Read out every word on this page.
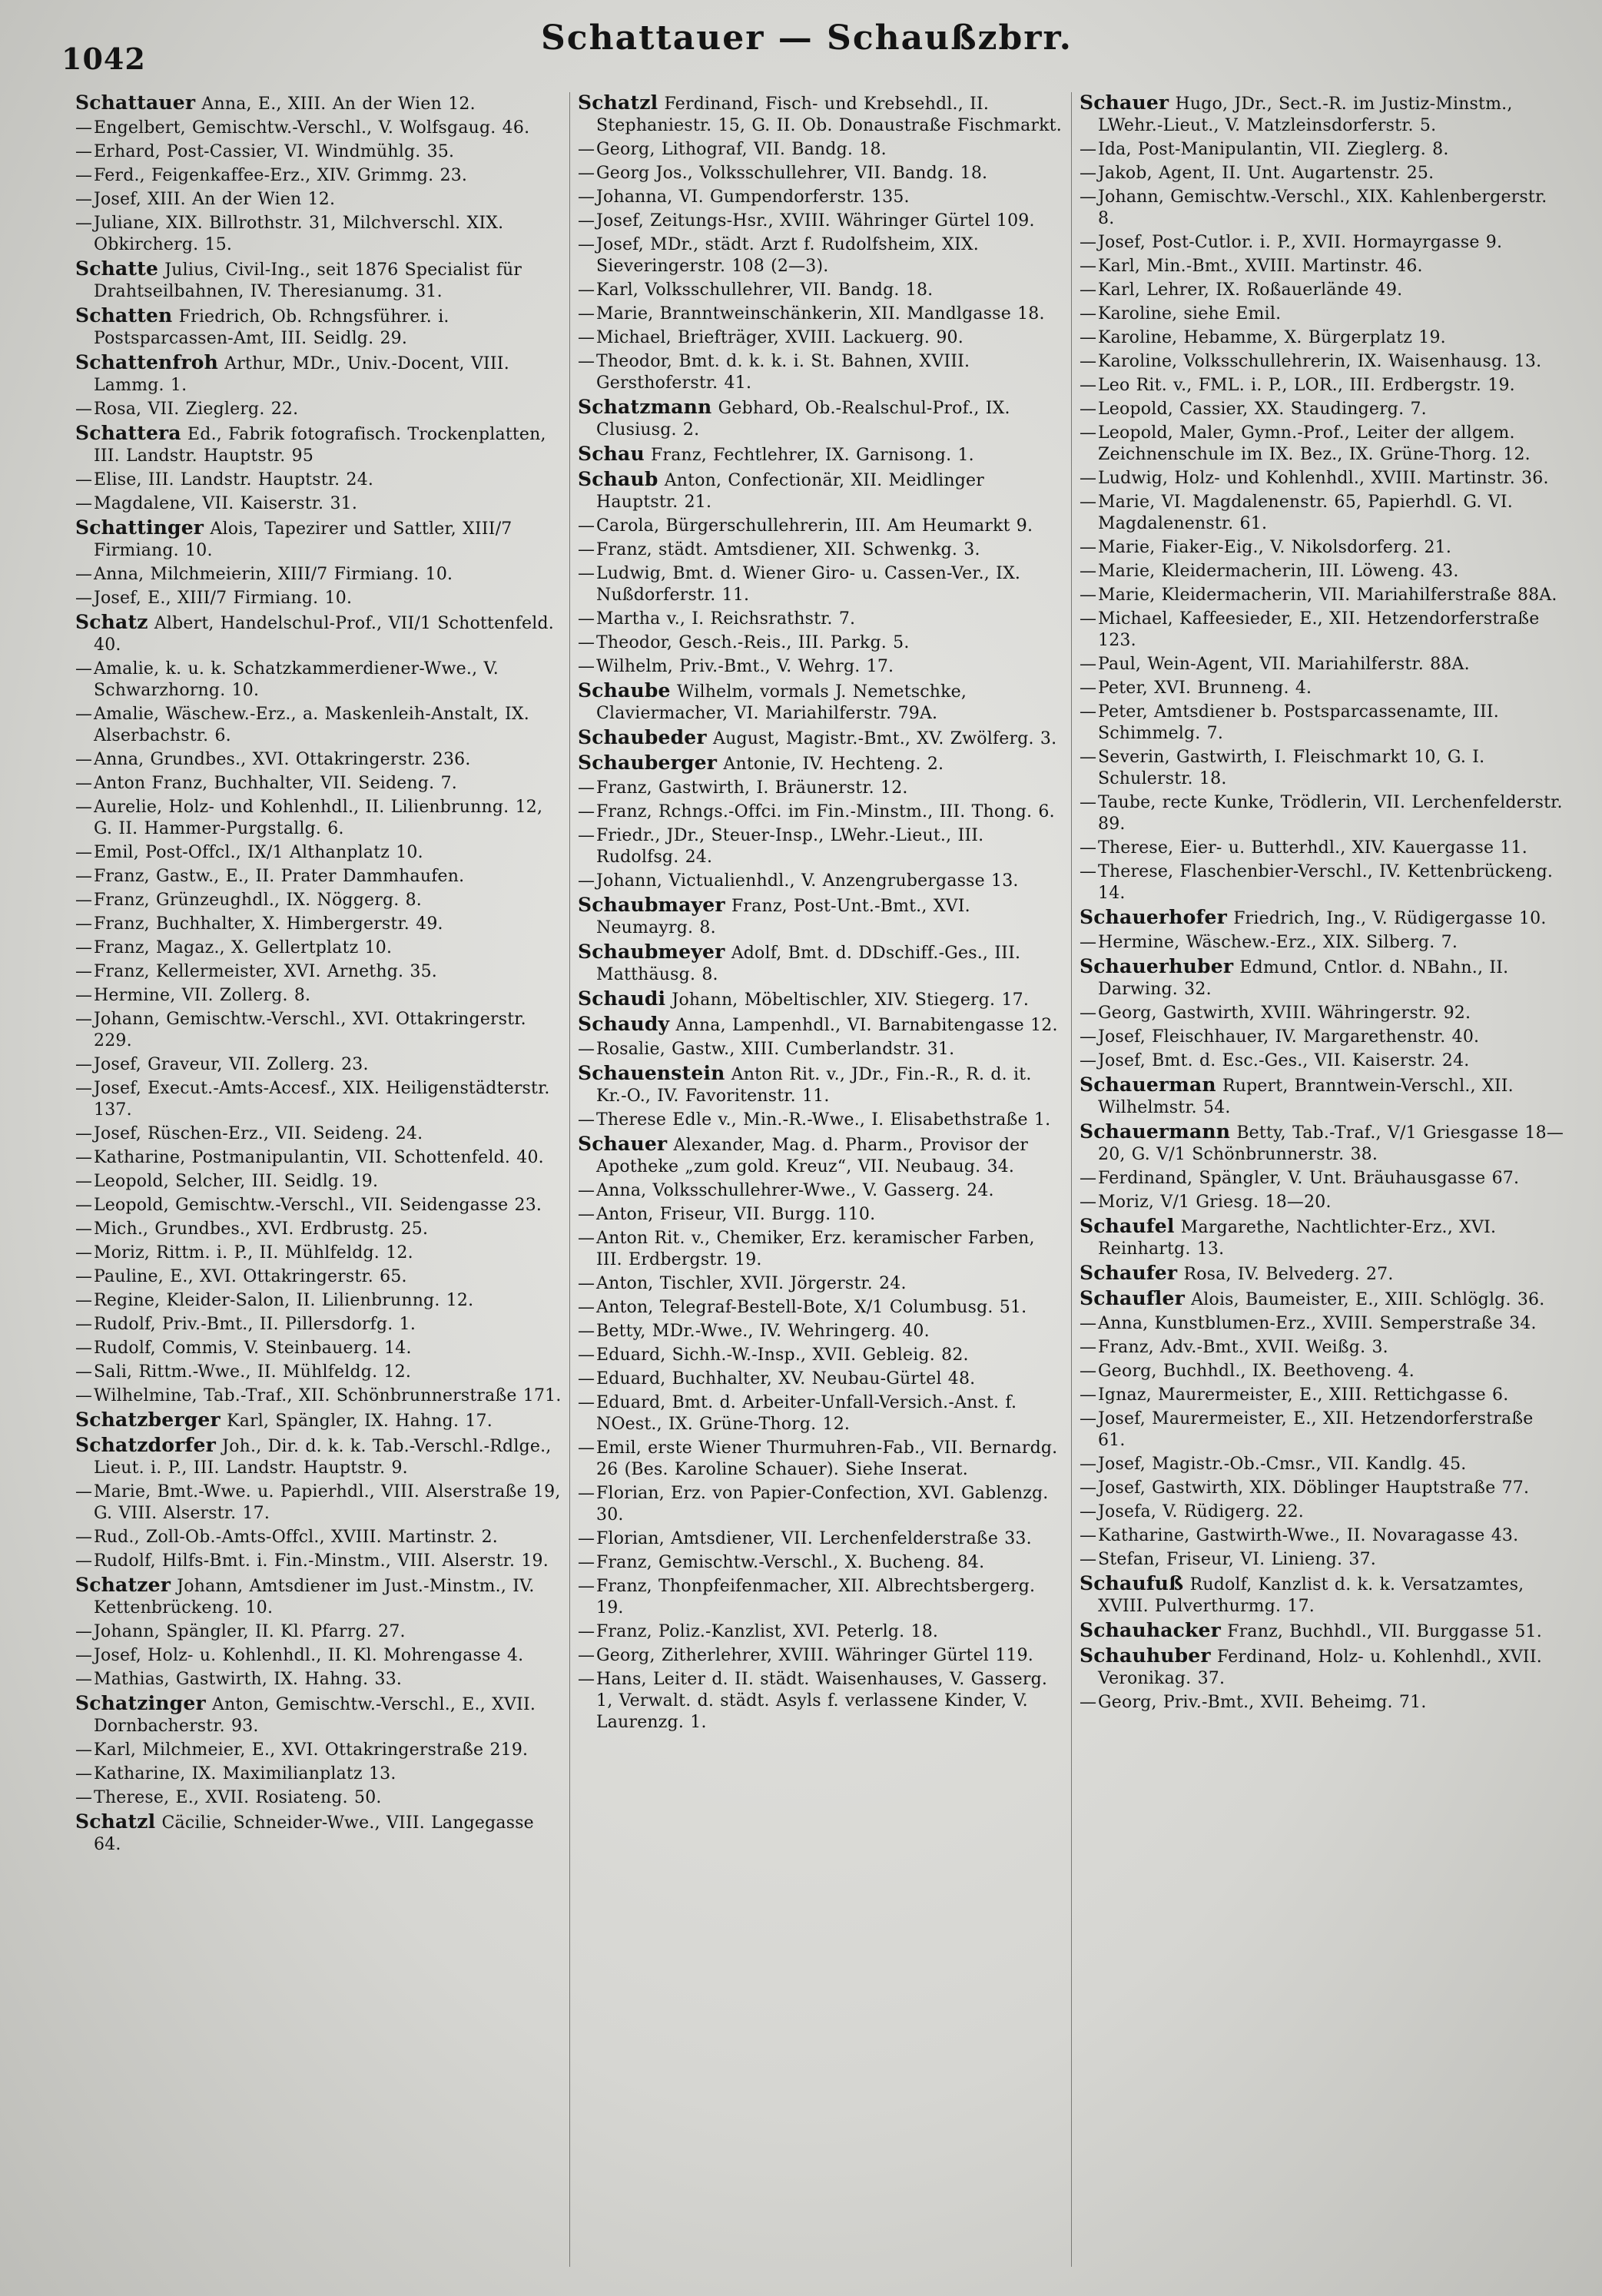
1042
Schattauer — Schaußzbrr.
Schattauer Anna, E., XIII. An der Wien 12.
—Engelbert, Gemischtw.-Verschl., V. Wolfsgaug. 46.
—Erhard, Post-Cassier, VI. Windmühlg. 35.
—Ferd., Feigenkaffee-Erz., XIV. Grimmg. 23.
—Josef, XIII. An der Wien 12.
—Juliane, XIX. Billrothstr. 31, Milchverschl. XIX. Obkircherg. 15.
Schatte Julius, Civil-Ing., seit 1876 Specialist für Drahtseilbahnen, IV. Theresianumg. 31.
Schatten Friedrich, Ob. Rchngsführer. i. Postsparcassen-Amt, III. Seidlg. 29.
Schattenfroh Arthur, MDr., Univ.-Docent, VIII. Lammg. 1.
—Rosa, VII. Zieglerg. 22.
Schattera Ed., Fabrik fotografisch. Trockenplatten, III. Landstr. Hauptstr. 95
—Elise, III. Landstr. Hauptstr. 24.
—Magdalene, VII. Kaiserstr. 31.
Schattinger Alois, Tapezirer und Sattler, XIII/7 Firmiang. 10.
—Anna, Milchmeierin, XIII/7 Firmiang. 10.
—Josef, E., XIII/7 Firmiang. 10.
Schatz Albert, Handelschul-Prof., VII/1 Schottenfeld. 40.
—Amalie, k. u. k. Schatzkammerdiener-Wwe., V. Schwarzhorng. 10.
—Amalie, Wäschew.-Erz., a. Maskenleih-Anstalt, IX. Alserbachstr. 6.
—Anna, Grundbes., XVI. Ottakringerstr. 236.
—Anton Franz, Buchhalter, VII. Seideng. 7.
—Aurelie, Holz- und Kohlenhdl., II. Lilienbrunng. 12, G. II. Hammer-Purgstallg. 6.
—Emil, Post-Offcl., IX/1 Althanplatz 10.
—Franz, Gastw., E., II. Prater Dammhaufen.
—Franz, Grünzeughdl., IX. Nöggerg. 8.
—Franz, Buchhalter, X. Himbergerstr. 49.
—Franz, Magaz., X. Gellertplatz 10.
—Franz, Kellermeister, XVI. Arnethg. 35.
—Hermine, VII. Zollerg. 8.
—Johann, Gemischtw.-Verschl., XVI. Ottakringerstr. 229.
—Josef, Graveur, VII. Zollerg. 23.
—Josef, Execut.-Amts-Accesf., XIX. Heiligenstädterstr. 137.
—Josef, Rüschen-Erz., VII. Seideng. 24.
—Katharine, Postmanipulantin, VII. Schottenfeld. 40.
—Leopold, Selcher, III. Seidlg. 19.
—Leopold, Gemischtw.-Verschl., VII. Seidengasse 23.
—Mich., Grundbes., XVI. Erdbrustg. 25.
—Moriz, Rittm. i. P., II. Mühlfeldg. 12.
—Pauline, E., XVI. Ottakringerstr. 65.
—Regine, Kleider-Salon, II. Lilienbrunng. 12.
—Rudolf, Priv.-Bmt., II. Pillersdorfg. 1.
—Rudolf, Commis, V. Steinbauerg. 14.
—Sali, Rittm.-Wwe., II. Mühlfeldg. 12.
—Wilhelmine, Tab.-Traf., XII. Schönbrunnerstraße 171.
Schatzberger Karl, Spängler, IX. Hahng. 17.
Schatzdorfer Joh., Dir. d. k. k. Tab.-Verschl.-Rdlge., Lieut. i. P., III. Landstr. Hauptstr. 9.
—Marie, Bmt.-Wwe. u. Papierhdl., VIII. Alserstraße 19, G. VIII. Alserstr. 17.
—Rud., Zoll-Ob.-Amts-Offcl., XVIII. Martinstr. 2.
—Rudolf, Hilfs-Bmt. i. Fin.-Minstm., VIII. Alserstr. 19.
Schatzer Johann, Amtsdiener im Just.-Minstm., IV. Kettenbrückeng. 10.
—Johann, Spängler, II. Kl. Pfarrg. 27.
—Josef, Holz- u. Kohlenhdl., II. Kl. Mohrengasse 4.
—Mathias, Gastwirth, IX. Hahng. 33.
Schatzinger Anton, Gemischtw.-Verschl., E., XVII. Dornbacherstr. 93.
—Karl, Milchmeier, E., XVI. Ottakringerstraße 219.
—Katharine, IX. Maximilianplatz 13.
—Therese, E., XVII. Rosiateng. 50.
Schatzl Cäcilie, Schneider-Wwe., VIII. Langegasse 64.
Schatzl Ferdinand, Fisch- und Krebsehdl., II. Stephaniestr. 15, G. II. Ob. Donaustraße Fischmarkt.
—Georg, Lithograf, VII. Bandg. 18.
—Georg Jos., Volksschullehrer, VII. Bandg. 18.
—Johanna, VI. Gumpendorferstr. 135.
—Josef, Zeitungs-Hsr., XVIII. Währinger Gürtel 109.
—Josef, MDr., städt. Arzt f. Rudolfsheim, XIX. Sieveringerstr. 108 (2—3).
—Karl, Volksschullehrer, VII. Bandg. 18.
—Marie, Branntweinschänkerin, XII. Mandlgasse 18.
—Michael, Briefträger, XVIII. Lackuerg. 90.
—Theodor, Bmt. d. k. k. i. St. Bahnen, XVIII. Gersthoferstr. 41.
Schatzmann Gebhard, Ob.-Realschul-Prof., IX. Clusiusg. 2.
Schau Franz, Fechtlehrer, IX. Garnisong. 1.
Schaub Anton, Confectionär, XII. Meidlinger Hauptstr. 21.
—Carola, Bürgerschullehrerin, III. Am Heumarkt 9.
—Franz, städt. Amtsdiener, XII. Schwenkg. 3.
—Ludwig, Bmt. d. Wiener Giro- u. Cassen-Ver., IX. Nußdorferstr. 11.
—Martha v., I. Reichsrathstr. 7.
—Theodor, Gesch.-Reis., III. Parkg. 5.
—Wilhelm, Priv.-Bmt., V. Wehrg. 17.
Schaube Wilhelm, vormals J. Nemetschke, Claviermacher, VI. Mariahilferstr. 79A.
Schaubeder August, Magistr.-Bmt., XV. Zwölferg. 3.
Schauberger Antonie, IV. Hechteng. 2.
—Franz, Gastwirth, I. Bräunerstr. 12.
—Franz, Rchngs.-Offci. im Fin.-Minstm., III. Thong. 6.
—Friedr., JDr., Steuer-Insp., LWehr.-Lieut., III. Rudolfsg. 24.
—Johann, Victualienhdl., V. Anzengrubergasse 13.
Schaubmayer Franz, Post-Unt.-Bmt., XVI. Neumayrg. 8.
Schaubmeyer Adolf, Bmt. d. DDschiff.-Ges., III. Matthäusg. 8.
Schaudi Johann, Möbeltischler, XIV. Stiegerg. 17.
Schaudy Anna, Lampenhdl., VI. Barnabitengasse 12.
—Rosalie, Gastw., XIII. Cumberlandstr. 31.
Schauenstein Anton Rit. v., JDr., Fin.-R., R. d. it. Kr.-O., IV. Favoritenstr. 11.
—Therese Edle v., Min.-R.-Wwe., I. Elisabethstraße 1.
Schauer Alexander, Mag. d. Pharm., Provisor der Apotheke „zum gold. Kreuz“, VII. Neubaug. 34.
—Anna, Volksschullehrer-Wwe., V. Gasserg. 24.
—Anton, Friseur, VII. Burgg. 110.
—Anton Rit. v., Chemiker, Erz. keramischer Farben, III. Erdbergstr. 19.
—Anton, Tischler, XVII. Jörgerstr. 24.
—Anton, Telegraf-Bestell-Bote, X/1 Columbusg. 51.
—Betty, MDr.-Wwe., IV. Wehringerg. 40.
—Eduard, Sichh.-W.-Insp., XVII. Gebleig. 82.
—Eduard, Buchhalter, XV. Neubau-Gürtel 48.
—Eduard, Bmt. d. Arbeiter-Unfall-Versich.-Anst. f. NOest., IX. Grüne-Thorg. 12.
—Emil, erste Wiener Thurmuhren-Fab., VII. Bernardg. 26 (Bes. Karoline Schauer). Siehe Inserat.
—Florian, Erz. von Papier-Confection, XVI. Gablenzg. 30.
—Florian, Amtsdiener, VII. Lerchenfelderstraße 33.
—Franz, Gemischtw.-Verschl., X. Bucheng. 84.
—Franz, Thonpfeifenmacher, XII. Albrechtsbergerg. 19.
—Franz, Poliz.-Kanzlist, XVI. Peterlg. 18.
—Georg, Zitherlehrer, XVIII. Währinger Gürtel 119.
—Hans, Leiter d. II. städt. Waisenhauses, V. Gasserg. 1, Verwalt. d. städt. Asyls f. verlassene Kinder, V. Laurenzg. 1.
Schauer Hugo, JDr., Sect.-R. im Justiz-Minstm., LWehr.-Lieut., V. Matzleinsdorferstr. 5.
—Ida, Post-Manipulantin, VII. Zieglerg. 8.
—Jakob, Agent, II. Unt. Augartenstr. 25.
—Johann, Gemischtw.-Verschl., XIX. Kahlenbergerstr. 8.
—Josef, Post-Cutlor. i. P., XVII. Hormayrgasse 9.
—Karl, Min.-Bmt., XVIII. Martinstr. 46.
—Karl, Lehrer, IX. Roßauerlände 49.
—Karoline, siehe Emil.
—Karoline, Hebamme, X. Bürgerplatz 19.
—Karoline, Volksschullehrerin, IX. Waisenhausg. 13.
—Leo Rit. v., FML. i. P., LOR., III. Erdbergstr. 19.
—Leopold, Cassier, XX. Staudingerg. 7.
—Leopold, Maler, Gymn.-Prof., Leiter der allgem. Zeichnenschule im IX. Bez., IX. Grüne-Thorg. 12.
—Ludwig, Holz- und Kohlenhdl., XVIII. Martinstr. 36.
—Marie, VI. Magdalenenstr. 65, Papierhdl. G. VI. Magdalenenstr. 61.
—Marie, Fiaker-Eig., V. Nikolsdorferg. 21.
—Marie, Kleidermacherin, III. Löweng. 43.
—Marie, Kleidermacherin, VII. Mariahilferstraße 88A.
—Michael, Kaffeesieder, E., XII. Hetzendorferstraße 123.
—Paul, Wein-Agent, VII. Mariahilferstr. 88A.
—Peter, XVI. Brunneng. 4.
—Peter, Amtsdiener b. Postsparcassenamte, III. Schimmelg. 7.
—Severin, Gastwirth, I. Fleischmarkt 10, G. I. Schulerstr. 18.
—Taube, recte Kunke, Trödlerin, VII. Lerchenfelderstr. 89.
—Therese, Eier- u. Butterhdl., XIV. Kauergasse 11.
—Therese, Flaschenbier-Verschl., IV. Kettenbrückeng. 14.
Schauerhofer Friedrich, Ing., V. Rüdigergasse 10.
—Hermine, Wäschew.-Erz., XIX. Silberg. 7.
Schauerhuber Edmund, Cntlor. d. NBahn., II. Darwing. 32.
—Georg, Gastwirth, XVIII. Währingerstr. 92.
—Josef, Fleischhauer, IV. Margarethenstr. 40.
—Josef, Bmt. d. Esc.-Ges., VII. Kaiserstr. 24.
Schauerman Rupert, Branntwein-Verschl., XII. Wilhelmstr. 54.
Schauermann Betty, Tab.-Traf., V/1 Griesgasse 18—20, G. V/1 Schönbrunnerstr. 38.
—Ferdinand, Spängler, V. Unt. Bräuhausgasse 67.
—Moriz, V/1 Griesg. 18—20.
Schaufel Margarethe, Nachtlichter-Erz., XVI. Reinhartg. 13.
Schaufer Rosa, IV. Belvederg. 27.
Schaufler Alois, Baumeister, E., XIII. Schlöglg. 36.
—Anna, Kunstblumen-Erz., XVIII. Semperstraße 34.
—Franz, Adv.-Bmt., XVII. Weißg. 3.
—Georg, Buchhdl., IX. Beethoveng. 4.
—Ignaz, Maurermeister, E., XIII. Rettichgasse 6.
—Josef, Maurermeister, E., XII. Hetzendorferstraße 61.
—Josef, Magistr.-Ob.-Cmsr., VII. Kandlg. 45.
—Josef, Gastwirth, XIX. Döblinger Hauptstraße 77.
—Josefa, V. Rüdigerg. 22.
—Katharine, Gastwirth-Wwe., II. Novaragasse 43.
—Stefan, Friseur, VI. Linieng. 37.
Schaufuß Rudolf, Kanzlist d. k. k. Versatzamtes, XVIII. Pulverthurmg. 17.
Schauhacker Franz, Buchhdl., VII. Burggasse 51.
Schauhuber Ferdinand, Holz- u. Kohlenhdl., XVII. Veronikag. 37.
—Georg, Priv.-Bmt., XVII. Beheimg. 71.
